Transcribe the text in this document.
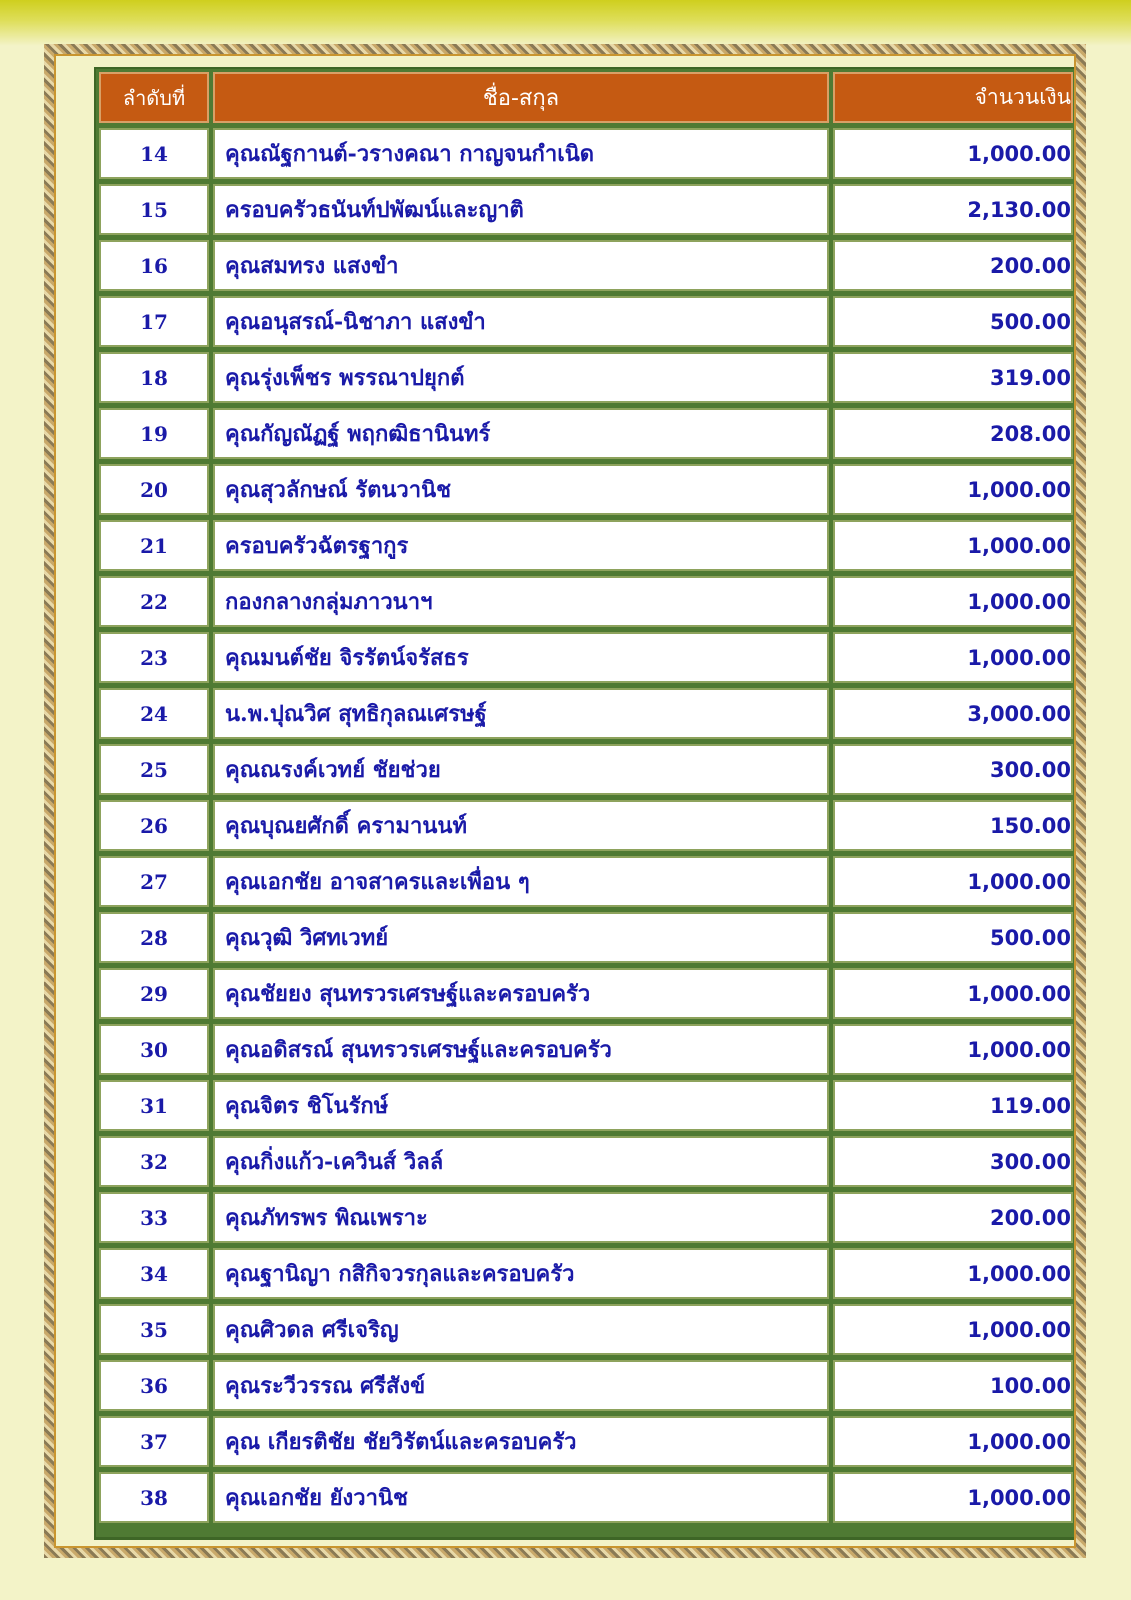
ลำดับที่	ชื่อ-สกุล	จำนวนเงิน
14	คุณณัฐกานต์-วรางคณา กาญจนกำเนิด	1,000.00
15	ครอบครัวธนันท์ปพัฒน์และญาติ	2,130.00
16	คุณสมทรง แสงขำ	200.00
17	คุณอนุสรณ์-นิชาภา แสงขำ	500.00
18	คุณรุ่งเพ็ชร พรรณาปยุกต์	319.00
19	คุณกัญณัฏฐ์ พฤกฒิธานินทร์	208.00
20	คุณสุวลักษณ์ รัตนวานิช	1,000.00
21	ครอบครัวฉัตรฐากูร	1,000.00
22	กองกลางกลุ่มภาวนาฯ	1,000.00
23	คุณมนต์ชัย จิรรัตน์จรัสธร	1,000.00
24	น.พ.ปุณวิศ สุทธิกุลณเศรษฐ์	3,000.00
25	คุณณรงค์เวทย์ ชัยช่วย	300.00
26	คุณบุณยศักดิ์ ครามานนท์	150.00
27	คุณเอกชัย อาจสาครและเพื่อน ๆ	1,000.00
28	คุณวุฒิ วิศทเวทย์	500.00
29	คุณชัยยง สุนทรวรเศรษฐ์และครอบครัว	1,000.00
30	คุณอดิสรณ์ สุนทรวรเศรษฐ์และครอบครัว	1,000.00
31	คุณจิตร ชิโนรักษ์	119.00
32	คุณกิ่งแก้ว-เควินส์ วิลล์	300.00
33	คุณภัทรพร พิณเพราะ	200.00
34	คุณฐานิญา กสิกิจวรกุลและครอบครัว	1,000.00
35	คุณศิวดล ศรีเจริญ	1,000.00
36	คุณระวีวรรณ ศรีสังข์	100.00
37	คุณ เกียรติชัย ชัยวิรัตน์และครอบครัว	1,000.00
38	คุณเอกชัย ยังวานิช	1,000.00
